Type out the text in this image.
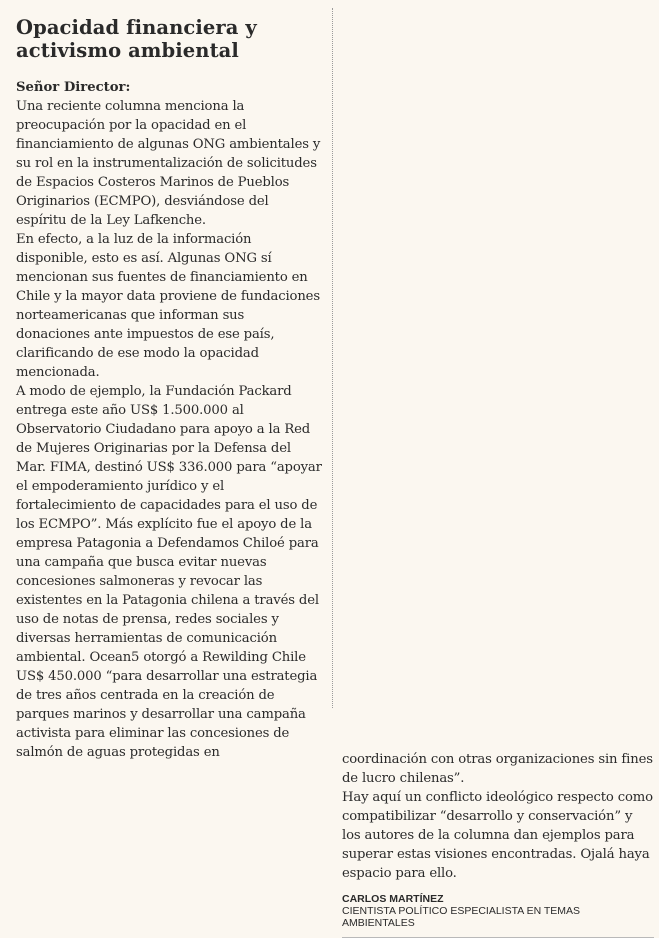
Opacidad financiera y activismo ambiental
Señor Director:

Una reciente columna menciona la preocupación por la opacidad en el financiamiento de algunas ONG ambientales y su rol en la instrumentalización de solicitudes de Espacios Costeros Marinos de Pueblos Originarios (ECMPO), desviándose del espíritu de la Ley Lafkenche.

En efecto, a la luz de la información disponible, esto es así. Algunas ONG sí mencionan sus fuentes de financiamiento en Chile y la mayor data proviene de fundaciones norteamericanas que informan sus donaciones ante impuestos de ese país, clarificando de ese modo la opacidad mencionada.

A modo de ejemplo, la Fundación Packard entrega este año US$ 1.500.000 al Observatorio Ciudadano para apoyo a la Red de Mujeres Originarias por la Defensa del Mar. FIMA, destinó US$ 336.000 para “apoyar el empoderamiento jurídico y el fortalecimiento de capacidades para el uso de los ECMPO”. Más explícito fue el apoyo de la empresa Patagonia a Defendamos Chiloé para una campaña que busca evitar nuevas concesiones salmoneras y revocar las existentes en la Patagonia chilena a través del uso de notas de prensa, redes sociales y diversas herramientas de comunicación ambiental. Ocean5 otorgó a Rewilding Chile US$ 450.000 “para desarrollar una estrategia de tres años centrada en la creación de parques marinos y desarrollar una campaña activista para eliminar las concesiones de salmón de aguas protegidas en	coordinación con otras organizaciones sin fines de lucro chilenas”.

Hay aquí un conflicto ideológico respecto como compatibilizar “desarrollo y conservación” y los autores de la columna dan ejemplos para superar estas visiones encontradas. Ojalá haya espacio para ello.

CARLOS MARTÍNEZ
CIENTISTA POLÍTICO ESPECIALISTA EN TEMAS AMBIENTALES
